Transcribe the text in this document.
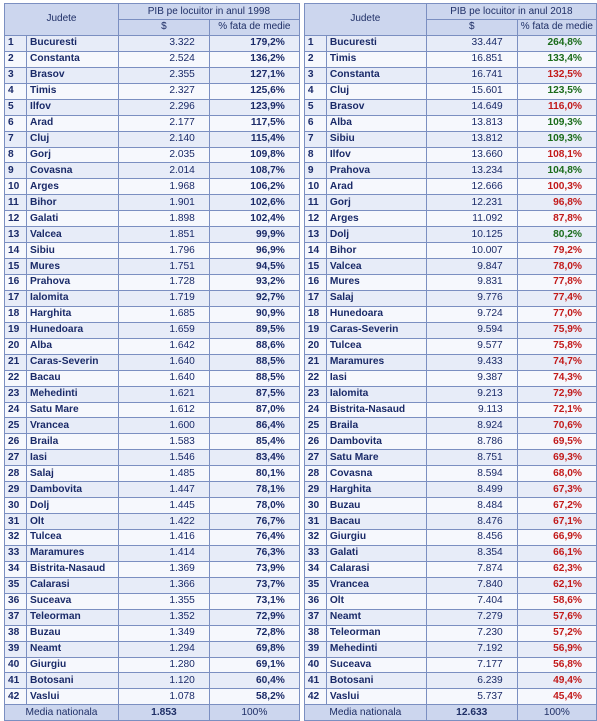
Judete		PIB pe locuitor in anul 1998	
		$	% fata de medie
1	Bucuresti	3.322	179,2%
2	Constanta	2.524	136,2%
3	Brasov	2.355	127,1%
4	Timis	2.327	125,6%
5	Ilfov	2.296	123,9%
6	Arad	2.177	117,5%
7	Cluj	2.140	115,4%
8	Gorj	2.035	109,8%
9	Covasna	2.014	108,7%
10	Arges	1.968	106,2%
11	Bihor	1.901	102,6%
12	Galati	1.898	102,4%
13	Valcea	1.851	99,9%
14	Sibiu	1.796	96,9%
15	Mures	1.751	94,5%
16	Prahova	1.728	93,2%
17	Ialomita	1.719	92,7%
18	Harghita	1.685	90,9%
19	Hunedoara	1.659	89,5%
20	Alba	1.642	88,6%
21	Caras-Severin	1.640	88,5%
22	Bacau	1.640	88,5%
23	Mehedinti	1.621	87,5%
24	Satu Mare	1.612	87,0%
25	Vrancea	1.600	86,4%
26	Braila	1.583	85,4%
27	Iasi	1.546	83,4%
28	Salaj	1.485	80,1%
29	Dambovita	1.447	78,1%
30	Dolj	1.445	78,0%
31	Olt	1.422	76,7%
32	Tulcea	1.416	76,4%
33	Maramures	1.414	76,3%
34	Bistrita-Nasaud	1.369	73,9%
35	Calarasi	1.366	73,7%
36	Suceava	1.355	73,1%
37	Teleorman	1.352	72,9%
38	Buzau	1.349	72,8%
39	Neamt	1.294	69,8%
40	Giurgiu	1.280	69,1%
41	Botosani	1.120	60,4%
42	Vaslui	1.078	58,2%
Media nationala		1.853	100%
Judete		PIB pe locuitor in anul 2018	
		$	% fata de medie
1	Bucuresti	33.447	264,8%
2	Timis	16.851	133,4%
3	Constanta	16.741	132,5%
4	Cluj	15.601	123,5%
5	Brasov	14.649	116,0%
6	Alba	13.813	109,3%
7	Sibiu	13.812	109,3%
8	Ilfov	13.660	108,1%
9	Prahova	13.234	104,8%
10	Arad	12.666	100,3%
11	Gorj	12.231	96,8%
12	Arges	11.092	87,8%
13	Dolj	10.125	80,2%
14	Bihor	10.007	79,2%
15	Valcea	9.847	78,0%
16	Mures	9.831	77,8%
17	Salaj	9.776	77,4%
18	Hunedoara	9.724	77,0%
19	Caras-Severin	9.594	75,9%
20	Tulcea	9.577	75,8%
21	Maramures	9.433	74,7%
22	Iasi	9.387	74,3%
23	Ialomita	9.213	72,9%
24	Bistrita-Nasaud	9.113	72,1%
25	Braila	8.924	70,6%
26	Dambovita	8.786	69,5%
27	Satu Mare	8.751	69,3%
28	Covasna	8.594	68,0%
29	Harghita	8.499	67,3%
30	Buzau	8.484	67,2%
31	Bacau	8.476	67,1%
32	Giurgiu	8.456	66,9%
33	Galati	8.354	66,1%
34	Calarasi	7.874	62,3%
35	Vrancea	7.840	62,1%
36	Olt	7.404	58,6%
37	Neamt	7.279	57,6%
38	Teleorman	7.230	57,2%
39	Mehedinti	7.192	56,9%
40	Suceava	7.177	56,8%
41	Botosani	6.239	49,4%
42	Vaslui	5.737	45,4%
Media nationala		12.633	100%
